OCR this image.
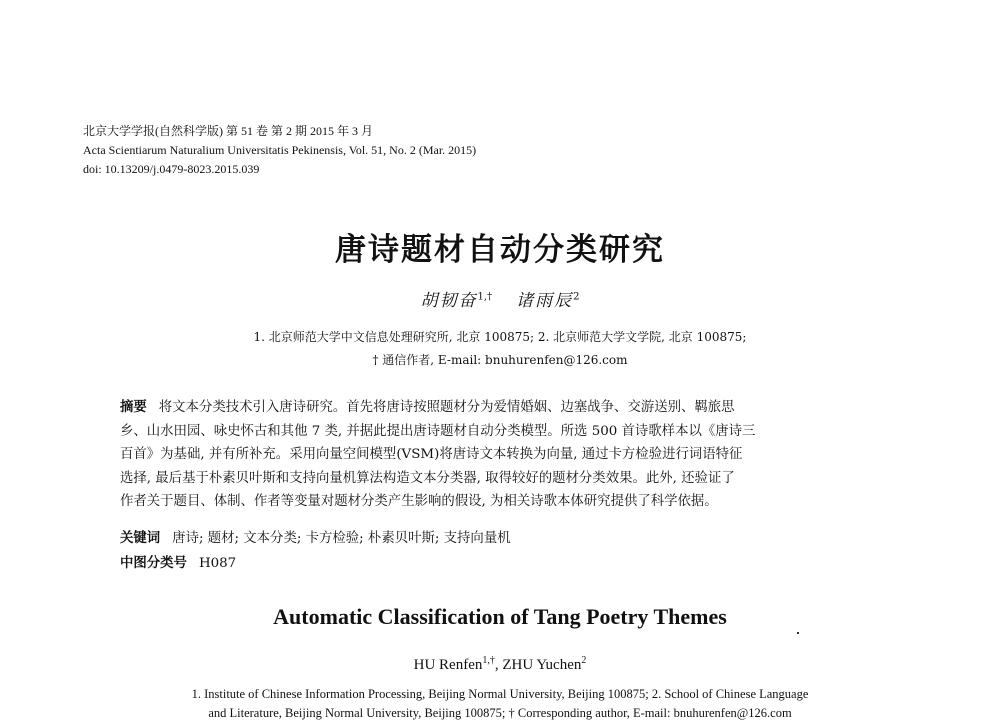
北京大学学报(自然科学版) 第 51 卷 第 2 期 2015 年 3 月
Acta Scientiarum Naturalium Universitatis Pekinensis, Vol. 51, No. 2 (Mar. 2015)
doi: 10.13209/j.0479-8023.2015.039
唐诗题材自动分类研究
胡韧奋$^{1,\dagger}$ 诸雨辰$^2$
1. 北京师范大学中文信息处理研究所, 北京 100875; 2. 北京师范大学文学院, 北京 100875;
† 通信作者, E-mail: bnuhurenfen@126.com
摘要 将文本分类技术引入唐诗研究。首先将唐诗按照题材分为爱情婚姻、边塞战争、交游送别、羁旅思
乡、山水田园、咏史怀古和其他 7 类, 并据此提出唐诗题材自动分类模型。所选 500 首诗歌样本以《唐诗三
百首》为基础, 并有所补充。采用向量空间模型(VSM)将唐诗文本转换为向量, 通过卡方检验进行词语特征
选择, 最后基于朴素贝叶斯和支持向量机算法构造文本分类器, 取得较好的题材分类效果。此外, 还验证了
作者关于题目、体制、作者等变量对题材分类产生影响的假设, 为相关诗歌本体研究提供了科学依据。
关键词 唐诗; 题材; 文本分类; 卡方检验; 朴素贝叶斯; 支持向量机
中图分类号 H087
Automatic Classification of Tang Poetry Themes
HU Renfen$^{1,\dagger}$, ZHU Yuchen$^2$
1. Institute of Chinese Information Processing, Beijing Normal University, Beijing 100875; 2. School of Chinese Language
and Literature, Beijing Normal University, Beijing 100875; † Corresponding author, E-mail: bnuhurenfen@126.com
